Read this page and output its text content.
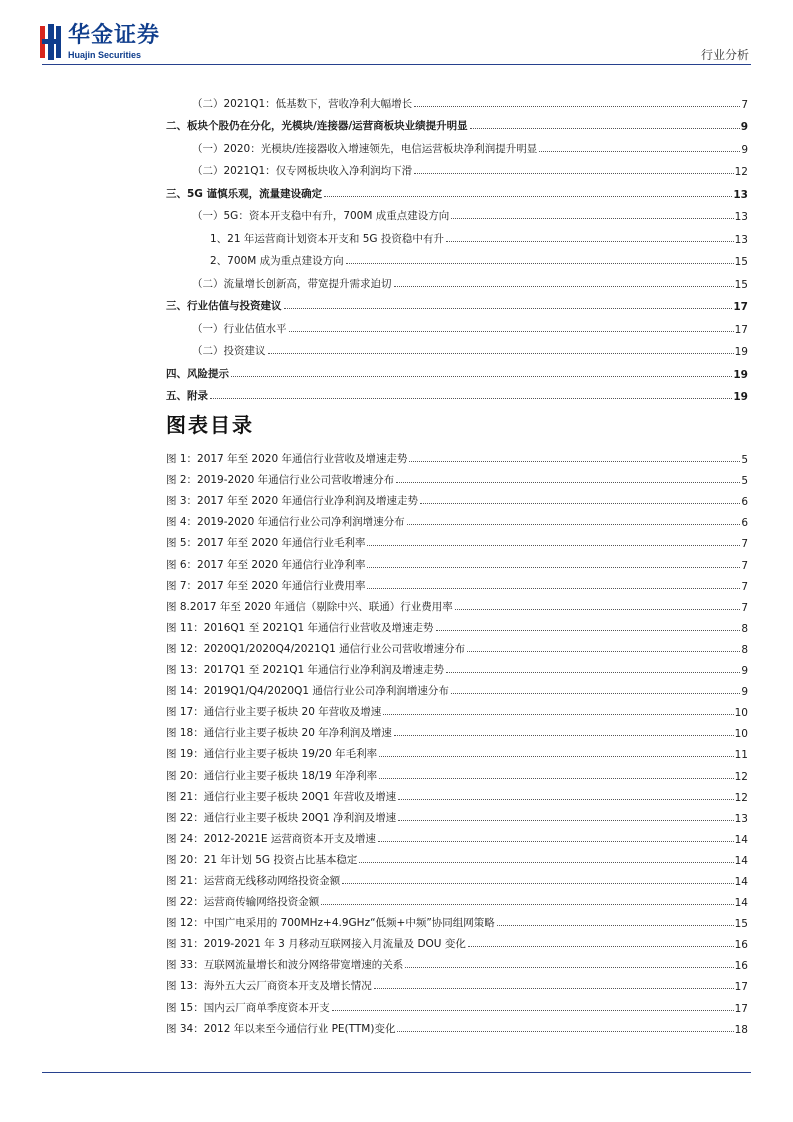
华金证券
Huajin Securities	行业分析
（二）2021Q1：低基数下，营收净利大幅增长	7
二、板块个股仍在分化，光模块/连接器/运营商板块业绩提升明显	9
（一）2020：光模块/连接器收入增速领先，电信运营板块净利润提升明显	9
（二）2021Q1：仅专网板块收入净利润均下滑	12
三、5G 谨慎乐观，流量建设确定	13
（一）5G：资本开支稳中有升，700M 成重点建设方向	13
1、21 年运营商计划资本开支和 5G 投资稳中有升	13
2、700M 成为重点建设方向	15
（二）流量增长创新高，带宽提升需求迫切	15
三、行业估值与投资建议	17
（一）行业估值水平	17
（二）投资建议	19
四、风险提示	19
五、附录	19
图表目录
图 1：2017 年至 2020 年通信行业营收及增速走势	5
图 2：2019-2020 年通信行业公司营收增速分布	5
图 3：2017 年至 2020 年通信行业净利润及增速走势	6
图 4：2019-2020 年通信行业公司净利润增速分布	6
图 5：2017 年至 2020 年通信行业毛利率	7
图 6：2017 年至 2020 年通信行业净利率	7
图 7：2017 年至 2020 年通信行业费用率	7
图 8.2017 年至 2020 年通信（剔除中兴、联通）行业费用率	7
图 11：2016Q1 至 2021Q1 年通信行业营收及增速走势	8
图 12：2020Q1/2020Q4/2021Q1 通信行业公司营收增速分布	8
图 13：2017Q1 至 2021Q1 年通信行业净利润及增速走势	9
图 14：2019Q1/Q4/2020Q1 通信行业公司净利润增速分布	9
图 17：通信行业主要子板块 20 年营收及增速	10
图 18：通信行业主要子板块 20 年净利润及增速	10
图 19：通信行业主要子板块 19/20 年毛利率	11
图 20：通信行业主要子板块 18/19 年净利率	12
图 21：通信行业主要子板块 20Q1 年营收及增速	12
图 22：通信行业主要子板块 20Q1 净利润及增速	13
图 24：2012-2021E 运营商资本开支及增速	14
图 20：21 年计划 5G 投资占比基本稳定	14
图 21：运营商无线移动网络投资金额	14
图 22：运营商传输网络投资金额	14
图 12：中国广电采用的 700MHz+4.9GHz“低频+中频”协同组网策略	15
图 31：2019-2021 年 3 月移动互联网接入月流量及 DOU 变化	16
图 33：互联网流量增长和波分网络带宽增速的关系	16
图 13：海外五大云厂商资本开支及增长情况	17
图 15：国内云厂商单季度资本开支	17
图 34：2012 年以来至今通信行业 PE(TTM)变化	18
